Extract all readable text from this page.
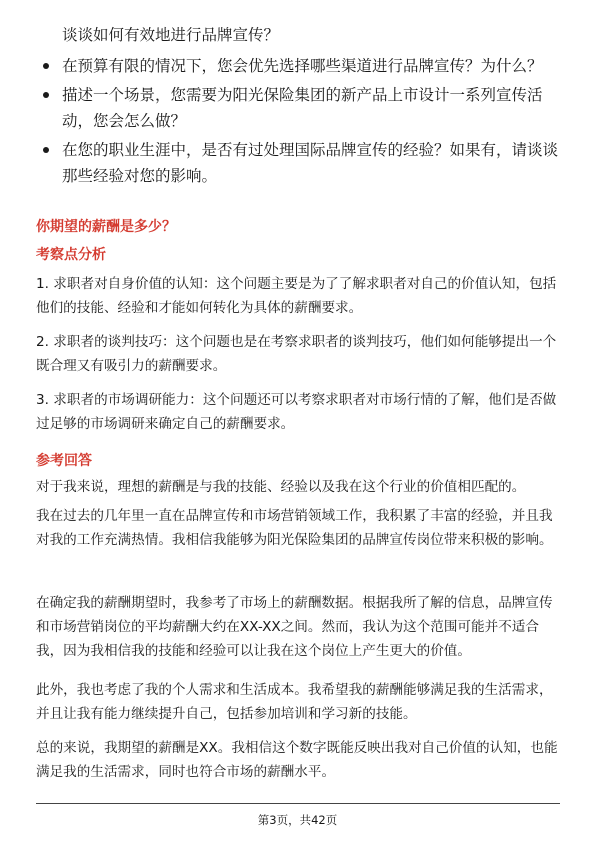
谈谈如何有效地进行品牌宣传？

在预算有限的情况下，您会优先选择哪些渠道进行品牌宣传？为什么？
描述一个场景，您需要为阳光保险集团的新产品上市设计一系列宣传活动，您会怎么做？
在您的职业生涯中，是否有过处理国际品牌宣传的经验？如果有，请谈谈那些经验对您的影响。
你期望的薪酬是多少？
考察点分析

1. 求职者对自身价值的认知：这个问题主要是为了了解求职者对自己的价值认知，包括他们的技能、经验和才能如何转化为具体的薪酬要求。

2. 求职者的谈判技巧：这个问题也是在考察求职者的谈判技巧，他们如何能够提出一个既合理又有吸引力的薪酬要求。

3. 求职者的市场调研能力：这个问题还可以考察求职者对市场行情的了解，他们是否做过足够的市场调研来确定自己的薪酬要求。

参考回答

对于我来说，理想的薪酬是与我的技能、经验以及我在这个行业的价值相匹配的。

我在过去的几年里一直在品牌宣传和市场营销领域工作，我积累了丰富的经验，并且我对我的工作充满热情。我相信我能够为阳光保险集团的品牌宣传岗位带来积极的影响。

在确定我的薪酬期望时，我参考了市场上的薪酬数据。根据我所了解的信息，品牌宣传和市场营销岗位的平均薪酬大约在XX-XX之间。然而，我认为这个范围可能并不适合我，因为我相信我的技能和经验可以让我在这个岗位上产生更大的价值。

此外，我也考虑了我的个人需求和生活成本。我希望我的薪酬能够满足我的生活需求，并且让我有能力继续提升自己，包括参加培训和学习新的技能。

总的来说，我期望的薪酬是XX。我相信这个数字既能反映出我对自己价值的认知，也能满足我的生活需求，同时也符合市场的薪酬水平。

第3页，共42页
